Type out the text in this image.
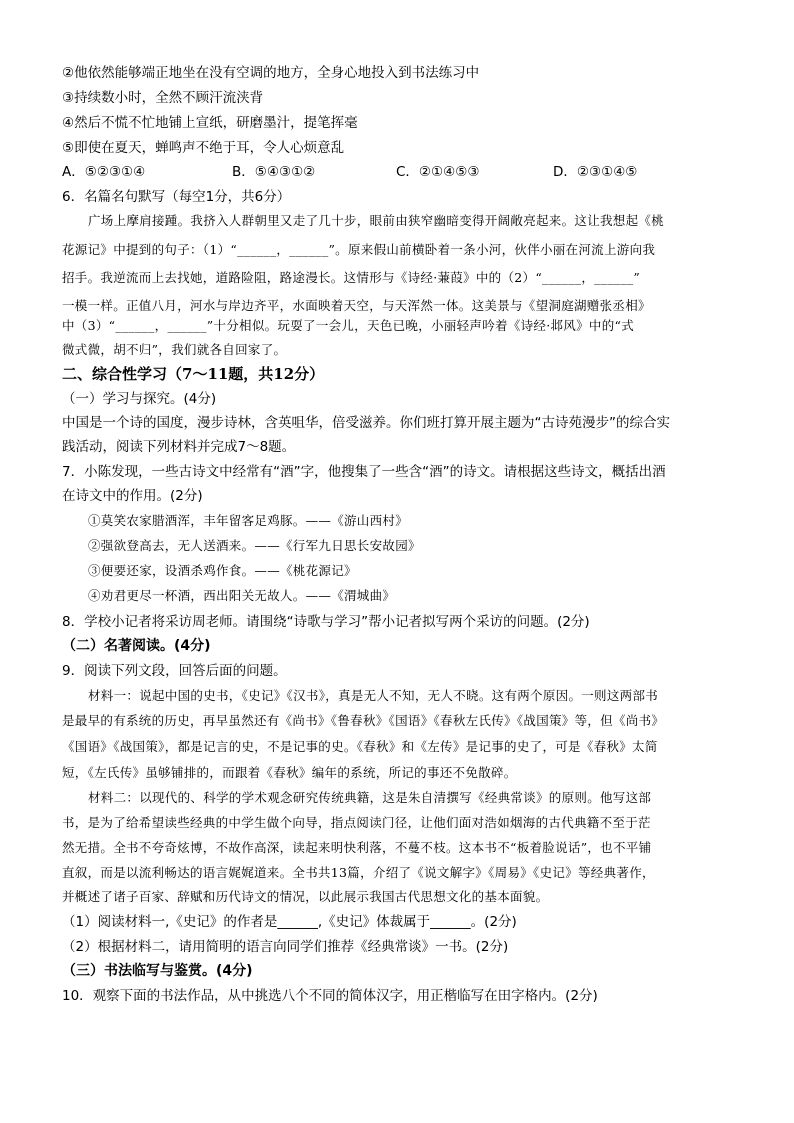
②他依然能够端正地坐在没有空调的地方，全身心地投入到书法练习中
③持续数小时，全然不顾汗流浃背
④然后不慌不忙地铺上宣纸，研磨墨汁，提笔挥毫
⑤即使在夏天，蝉鸣声不绝于耳，令人心烦意乱
A．⑤②③①④	B．⑤④③①②	C．②①④⑤③	D．②③①④⑤
6．名篇名句默写（每空1分，共6分）
广场上摩肩接踵。我挤入人群朝里又走了几十步，眼前由狭窄幽暗变得开阔敞亮起来。这让我想起《桃
花源记》中提到的句子：（1）“______，______”。原来假山前横卧着一条小河，伙伴小丽在河流上游向我
招手。我逆流而上去找她，道路险阻，路途漫长。这情形与《诗经·蒹葭》中的（2）“______，______”
一模一样。正值八月，河水与岸边齐平，水面映着天空，与天浑然一体。这美景与《望洞庭湖赠张丞相》
中（3）“______，______”十分相似。玩耍了一会儿，天色已晚，小丽轻声吟着《诗经·邶风》中的“式
微式微，胡不归”，我们就各自回家了。
二、综合性学习（7～11题，共12分）
（一）学习与探究。(4分)
中国是一个诗的国度，漫步诗林，含英咀华，倍受滋养。你们班打算开展主题为“古诗苑漫步”的综合实
践活动，阅读下列材料并完成7～8题。
7．小陈发现，一些古诗文中经常有“酒”字，他搜集了一些含“酒”的诗文。请根据这些诗文，概括出酒
在诗文中的作用。(2分)
①莫笑农家腊酒浑，丰年留客足鸡豚。——《游山西村》
②强欲登高去，无人送酒来。——《行军九日思长安故园》
③便要还家，设酒杀鸡作食。——《桃花源记》
④劝君更尽一杯酒，西出阳关无故人。——《渭城曲》
8．学校小记者将采访周老师。请围绕“诗歌与学习”帮小记者拟写两个采访的问题。(2分)
（二）名著阅读。(4分)
9．阅读下列文段，回答后面的问题。
材料一：说起中国的史书，《史记》《汉书》，真是无人不知，无人不晓。这有两个原因。一则这两部书
是最早的有系统的历史，再早虽然还有《尚书》《鲁春秋》《国语》《春秋左氏传》《战国策》等，但《尚书》
《国语》《战国策》，都是记言的史，不是记事的史。《春秋》和《左传》是记事的史了，可是《春秋》太简
短，《左氏传》虽够铺排的，而跟着《春秋》编年的系统，所记的事还不免散碎。
材料二：以现代的、科学的学术观念研究传统典籍，这是朱自清撰写《经典常谈》的原则。他写这部
书，是为了给希望读些经典的中学生做个向导，指点阅读门径，让他们面对浩如烟海的古代典籍不至于茫
然无措。全书不夸奇炫博，不故作高深，读起来明快利落，不蔓不枝。这本书不“板着脸说话”，也不平铺
直叙，而是以流利畅达的语言娓娓道来。全书共13篇，介绍了《说文解字》《周易》《史记》等经典著作，
并概述了诸子百家、辞赋和历代诗文的情况，以此展示我国古代思想文化的基本面貌。
（1）阅读材料一,《史记》的作者是______,《史记》体裁属于______。(2分)
（2）根据材料二，请用简明的语言向同学们推荐《经典常谈》一书。(2分)
（三）书法临写与鉴赏。(4分)
10．观察下面的书法作品，从中挑选八个不同的简体汉字，用正楷临写在田字格内。(2分)
